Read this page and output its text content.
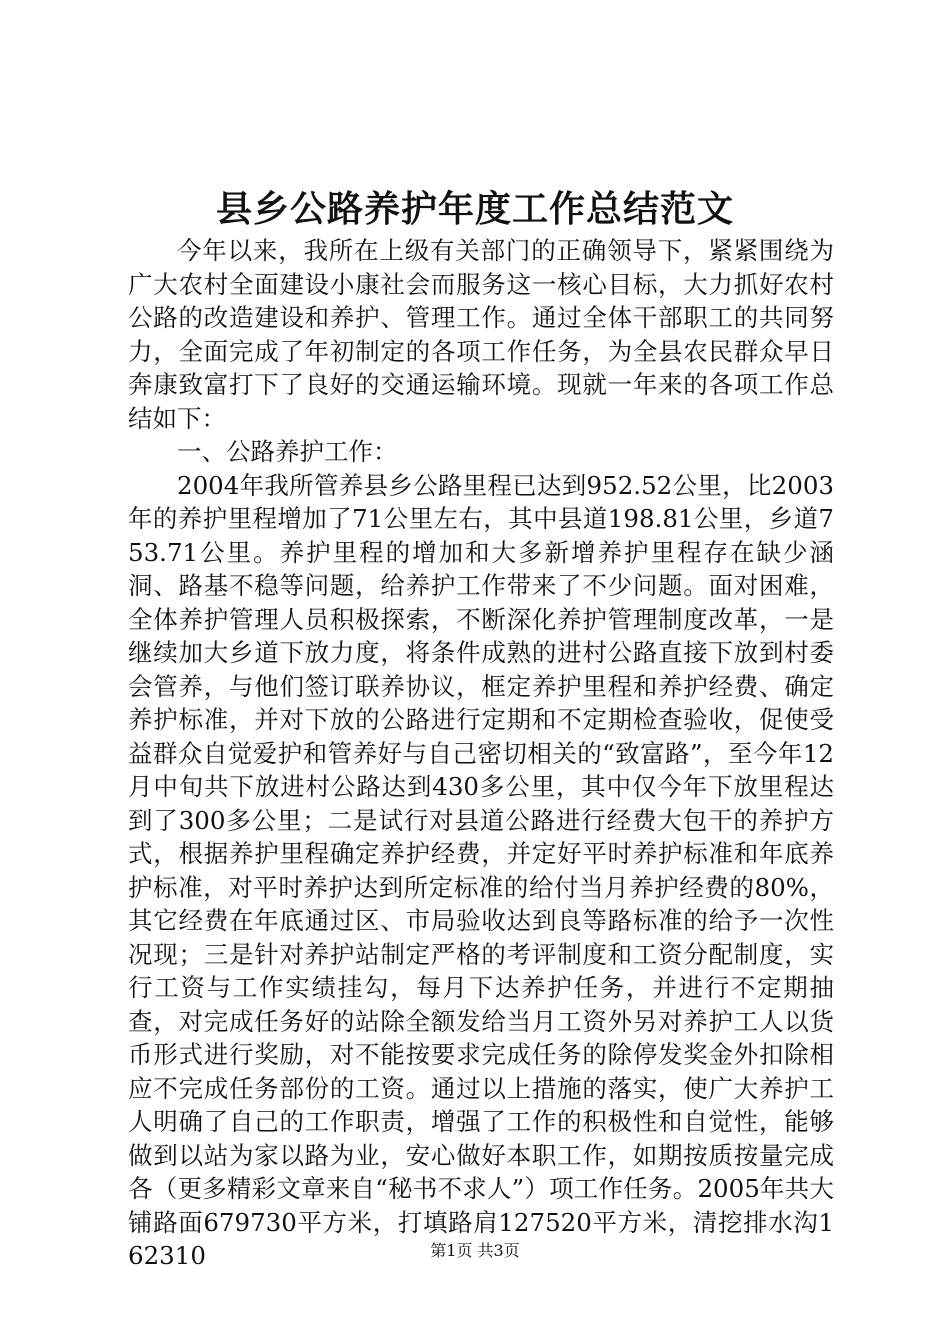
县乡公路养护年度工作总结范文

今年以来，我所在上级有关部门的正确领导下，紧紧围绕为广大农村全面建设小康社会而服务这一核心目标，大力抓好农村公路的改造建设和养护、管理工作。通过全体干部职工的共同努力，全面完成了年初制定的各项工作任务，为全县农民群众早日奔康致富打下了良好的交通运输环境。现就一年来的各项工作总结如下：

一、公路养护工作：

2004年我所管养县乡公路里程已达到952.52公里，比2003年的养护里程增加了71公里左右，其中县道198.81公里，乡道753.71公里。养护里程的增加和大多新增养护里程存在缺少涵洞、路基不稳等问题，给养护工作带来了不少问题。面对困难，全体养护管理人员积极探索，不断深化养护管理制度改革，一是继续加大乡道下放力度，将条件成熟的进村公路直接下放到村委会管养，与他们签订联养协议，框定养护里程和养护经费、确定养护标准，并对下放的公路进行定期和不定期检查验收，促使受益群众自觉爱护和管养好与自己密切相关的“致富路”，至今年12月中旬共下放进村公路达到430多公里，其中仅今年下放里程达到了300多公里；二是试行对县道公路进行经费大包干的养护方式，根据养护里程确定养护经费，并定好平时养护标准和年底养护标准，对平时养护达到所定标准的给付当月养护经费的80%，其它经费在年底通过区、市局验收达到良等路标准的给予一次性况现；三是针对养护站制定严格的考评制度和工资分配制度，实行工资与工作实绩挂勾，每月下达养护任务，并进行不定期抽查，对完成任务好的站除全额发给当月工资外另对养护工人以货币形式进行奖励，对不能按要求完成任务的除停发奖金外扣除相应不完成任务部份的工资。通过以上措施的落实，使广大养护工人明确了自己的工作职责，增强了工作的积极性和自觉性，能够做到以站为家以路为业，安心做好本职工作，如期按质按量完成各（更多精彩文章来自“秘书不求人”）项工作任务。2005年共大铺路面679730平方米，打填路肩127520平方米，清挖排水沟162310	第1页 共3页
